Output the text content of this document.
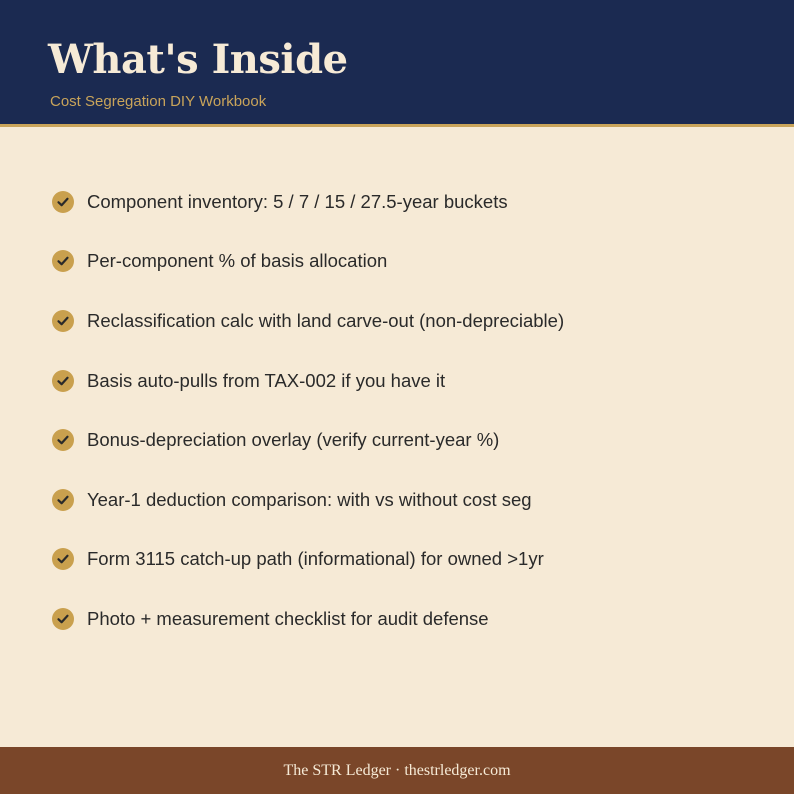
What's Inside
Cost Segregation DIY Workbook
Component inventory: 5 / 7 / 15 / 27.5-year buckets
Per-component % of basis allocation
Reclassification calc with land carve-out (non-depreciable)
Basis auto-pulls from TAX-002 if you have it
Bonus-depreciation overlay (verify current-year %)
Year-1 deduction comparison: with vs without cost seg
Form 3115 catch-up path (informational) for owned >1yr
Photo + measurement checklist for audit defense
The STR Ledger · thestrledger.com
